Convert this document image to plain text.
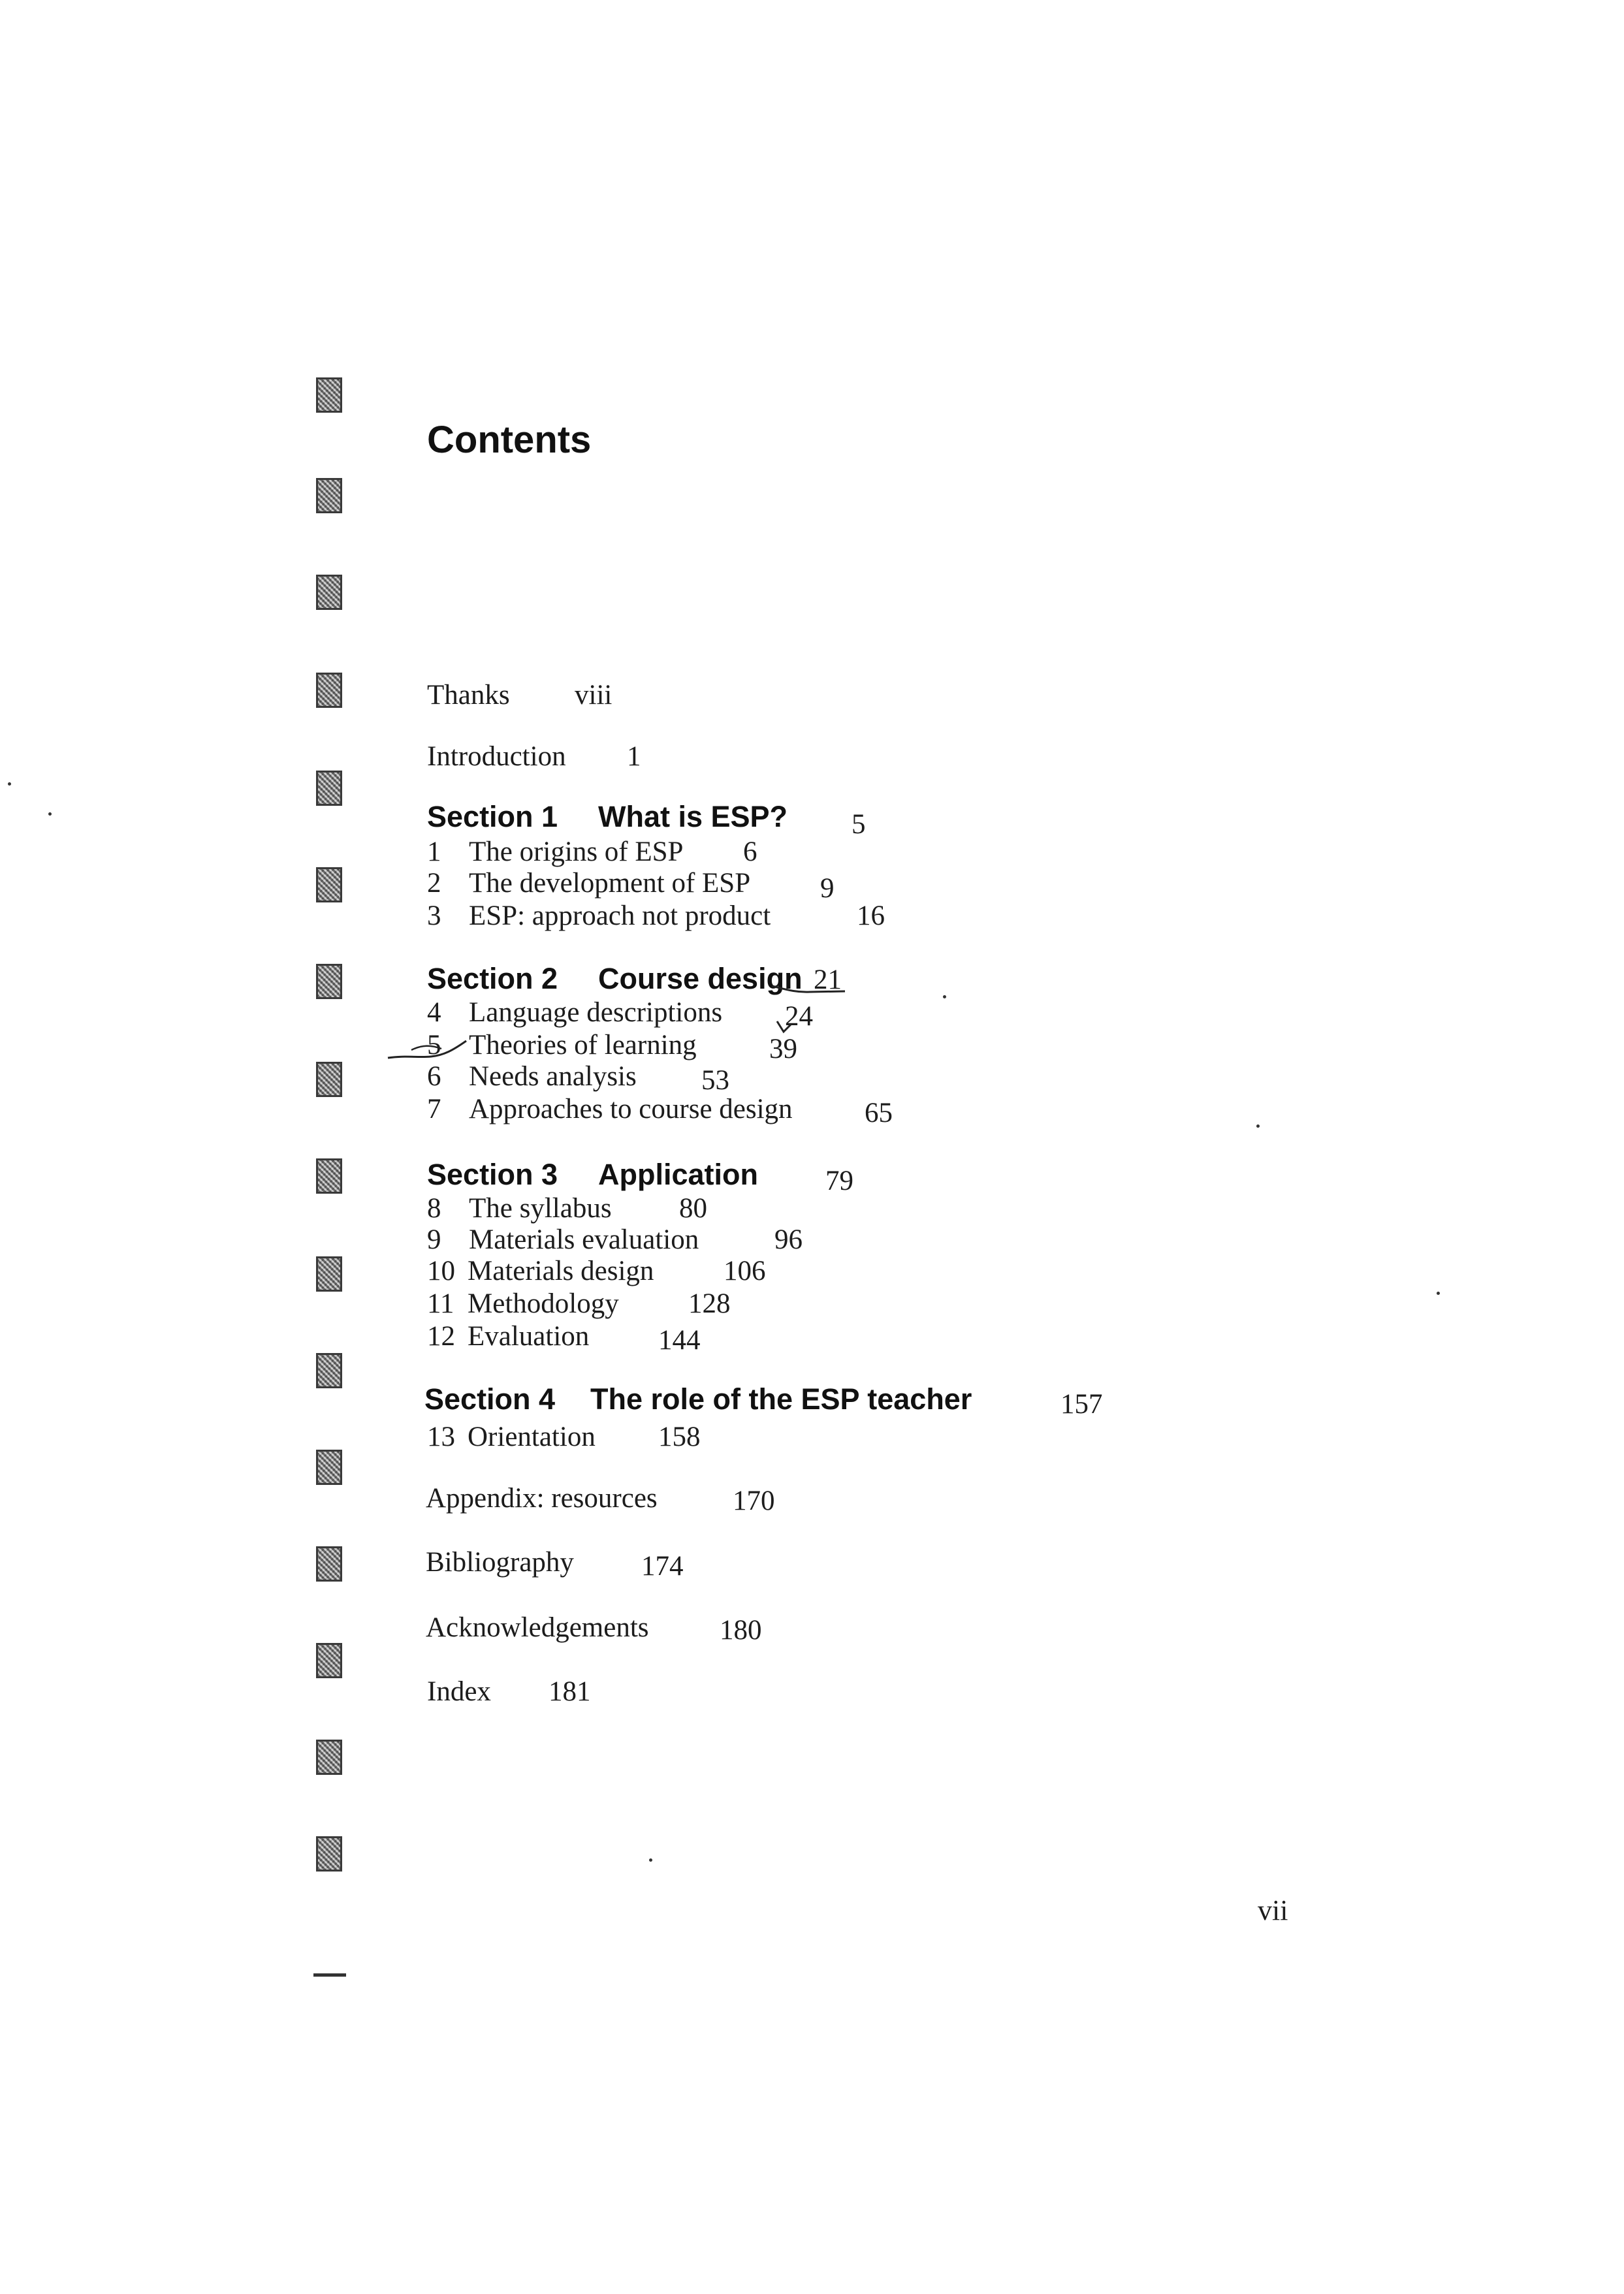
Contents

Thanks viii

Introduction 1

Section 1 What is ESP? 5

1 The origins of ESP 6

2 The development of ESP 9

3 ESP: approach not product	16

Section 2 Course design 21

4 Language descriptions 24

5 Theories of learning	39

6 Needs analysis 53

7 Approaches to course design	65

Section 3 Application 79

8 The syllabus 80

9 Materials evaluation	96

10 Materials design 106

11 Methodology 128

12 Evaluation 144

Section 4 The role of the ESP teacher	157

13 Orientation 158

Appendix: resources	170

Bibliography 174

Acknowledgements	180

Index 181

vii
